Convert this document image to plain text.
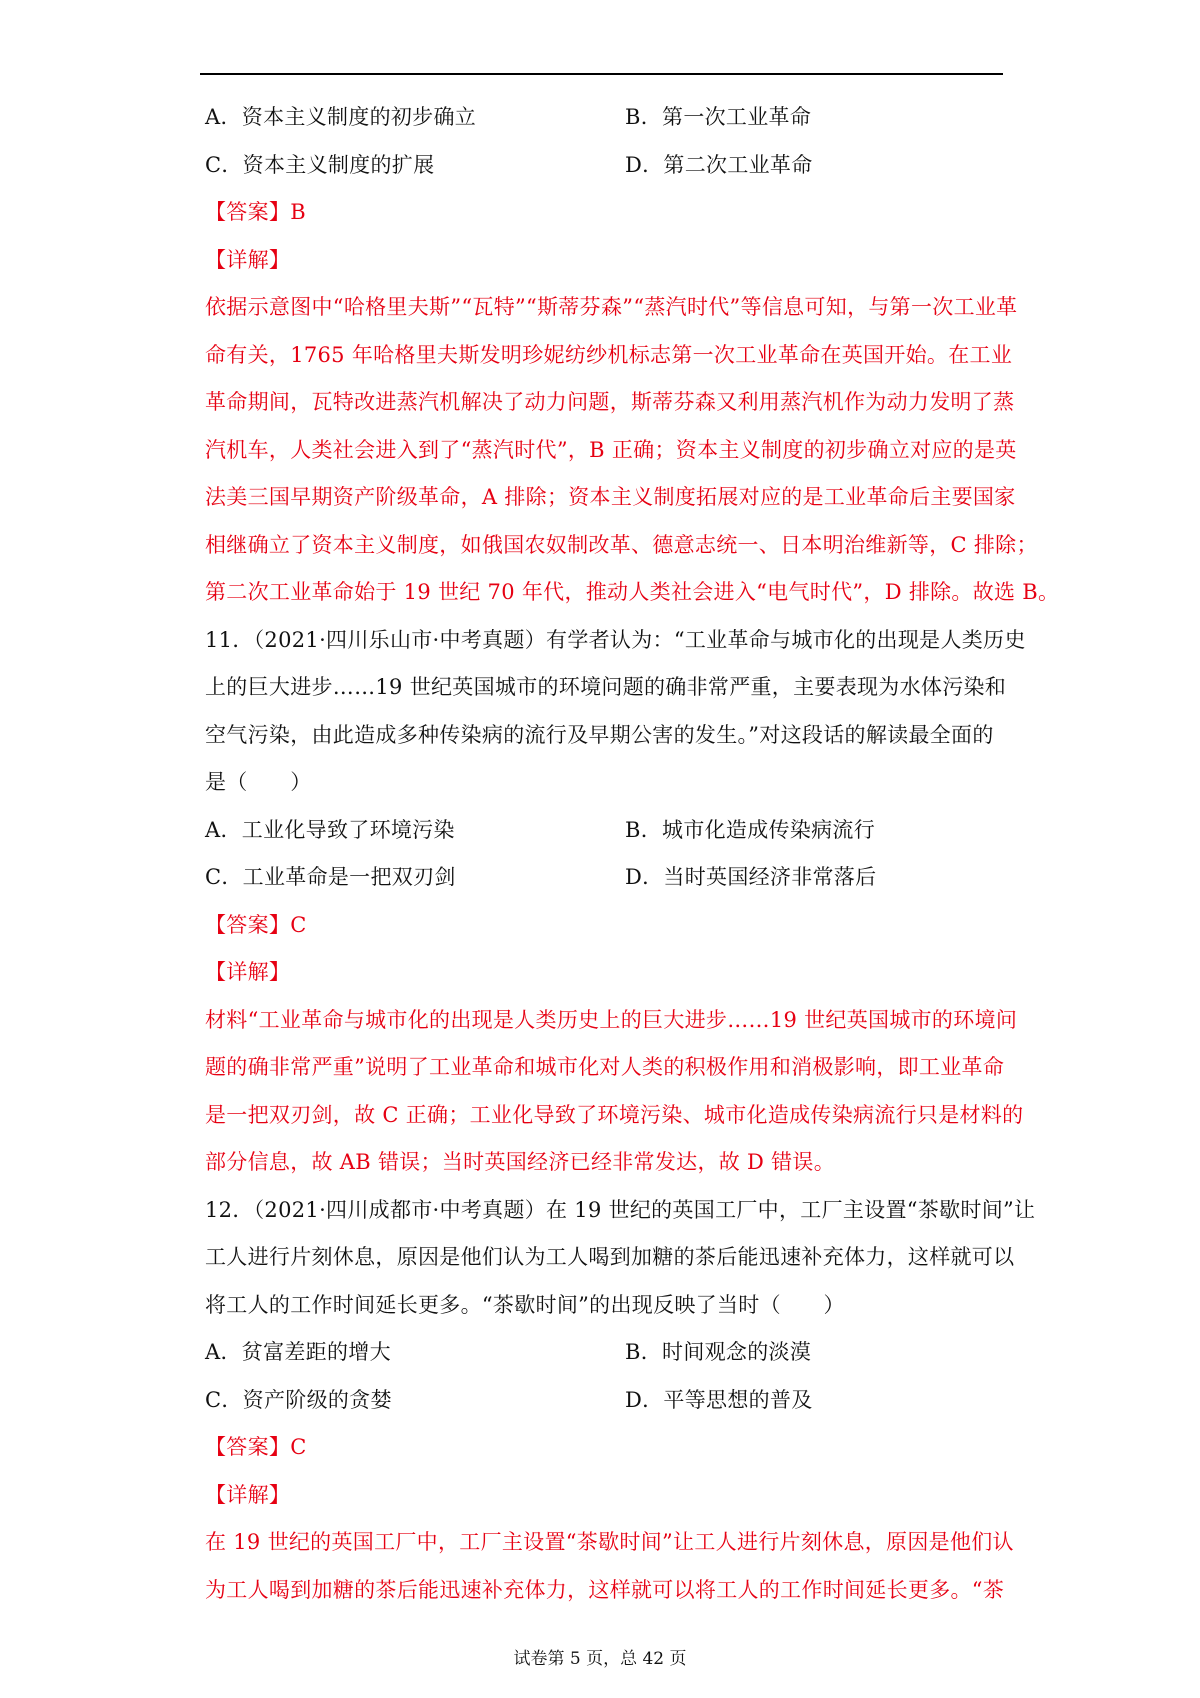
A．资本主义制度的初步确立	B．第一次工业革命
C．资本主义制度的扩展	D．第二次工业革命
【答案】B
【详解】
依据示意图中“哈格里夫斯”“瓦特”“斯蒂芬森”“蒸汽时代”等信息可知，与第一次工业革
命有关，1765 年哈格里夫斯发明珍妮纺纱机标志第一次工业革命在英国开始。在工业
革命期间，瓦特改进蒸汽机解决了动力问题，斯蒂芬森又利用蒸汽机作为动力发明了蒸
汽机车，人类社会进入到了“蒸汽时代”，B 正确；资本主义制度的初步确立对应的是英
法美三国早期资产阶级革命，A 排除；资本主义制度拓展对应的是工业革命后主要国家
相继确立了资本主义制度，如俄国农奴制改革、德意志统一、日本明治维新等，C 排除；
第二次工业革命始于 19 世纪 70 年代，推动人类社会进入“电气时代”，D 排除。故选 B。
11．（2021·四川乐山市·中考真题）有学者认为：“工业革命与城市化的出现是人类历史
上的巨大进步……19 世纪英国城市的环境问题的确非常严重，主要表现为水体污染和
空气污染，由此造成多种传染病的流行及早期公害的发生。”对这段话的解读最全面的
是（　　）
A．工业化导致了环境污染	B．城市化造成传染病流行
C．工业革命是一把双刃剑	D．当时英国经济非常落后
【答案】C
【详解】
材料“工业革命与城市化的出现是人类历史上的巨大进步……19 世纪英国城市的环境问
题的确非常严重”说明了工业革命和城市化对人类的积极作用和消极影响，即工业革命
是一把双刃剑，故 C 正确；工业化导致了环境污染、城市化造成传染病流行只是材料的
部分信息，故 AB 错误；当时英国经济已经非常发达，故 D 错误。
12．（2021·四川成都市·中考真题）在 19 世纪的英国工厂中，工厂主设置“茶歇时间”让
工人进行片刻休息，原因是他们认为工人喝到加糖的茶后能迅速补充体力，这样就可以
将工人的工作时间延长更多。“茶歇时间”的出现反映了当时（　　）
A．贫富差距的增大	B．时间观念的淡漠
C．资产阶级的贪婪	D．平等思想的普及
【答案】C
【详解】
在 19 世纪的英国工厂中，工厂主设置“茶歇时间”让工人进行片刻休息，原因是他们认
为工人喝到加糖的茶后能迅速补充体力，这样就可以将工人的工作时间延长更多。“茶
试卷第 5 页，总 42 页
